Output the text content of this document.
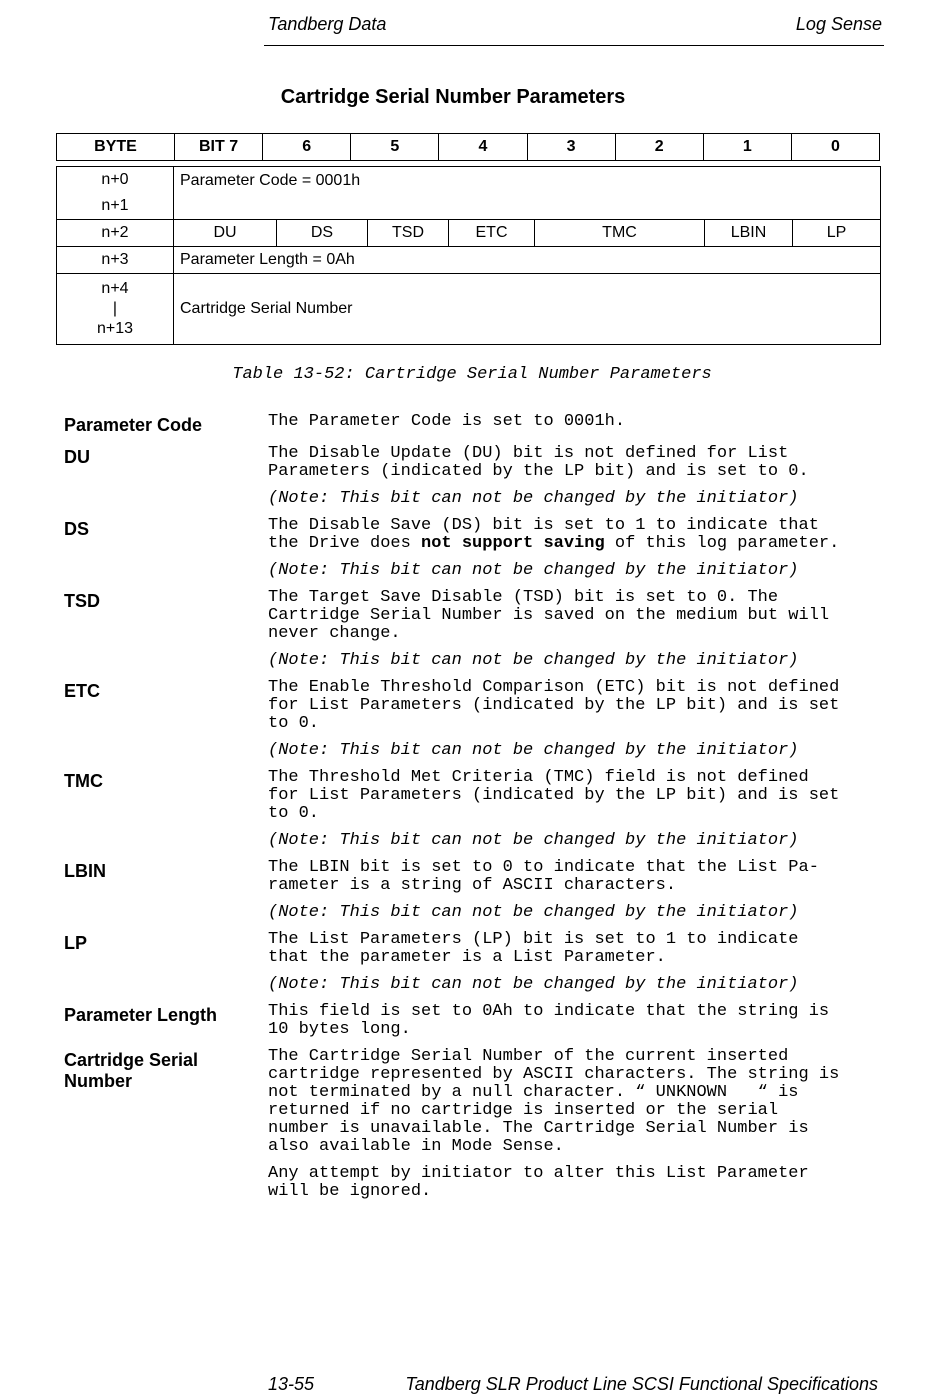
Tandberg Data	Log Sense
Cartridge Serial Number Parameters
BYTE	BIT 7	6	5	4	3	2	1	0
n+0
n+1	Parameter Code = 0001h						
n+2	DU	DS	TSD	ETC	TMC	LBIN	LP
n+3	Parameter Length = 0Ah						

n+4
|
n+13	Cartridge Serial Number						
Table 13-52: Cartridge Serial Number Parameters
Parameter Code	The Parameter Code is set to 0001h.

DU	The Disable Update (DU) bit is not defined for List
Parameters (indicated by the LP bit) and is set to 0.

(Note: This bit can not be changed by the initiator)

DS	The Disable Save (DS) bit is set to 1 to indicate that
the Drive does not support saving of this log parameter.

(Note: This bit can not be changed by the initiator)

TSD	The Target Save Disable (TSD) bit is set to 0. The
Cartridge Serial Number is saved on the medium but will
never change.

(Note: This bit can not be changed by the initiator)

ETC	The Enable Threshold Comparison (ETC) bit is not defined
for List Parameters (indicated by the LP bit) and is set
to 0.

(Note: This bit can not be changed by the initiator)

TMC	The Threshold Met Criteria (TMC) field is not defined
for List Parameters (indicated by the LP bit) and is set
to 0.

(Note: This bit can not be changed by the initiator)

LBIN	The LBIN bit is set to 0 to indicate that the List Pa-
rameter is a string of ASCII characters.

(Note: This bit can not be changed by the initiator)

LP	The List Parameters (LP) bit is set to 1 to indicate
that the parameter is a List Parameter.

(Note: This bit can not be changed by the initiator)

Parameter Length	This field is set to 0Ah to indicate that the string is
10 bytes long.

Cartridge Serial
Number

The Cartridge Serial Number of the current inserted
cartridge represented by ASCII characters. The string is
not terminated by a null character. “ UNKNOWN   “ is
returned if no cartridge is inserted or the serial
number is unavailable. The Cartridge Serial Number is
also available in Mode Sense.

Any attempt by initiator to alter this List Parameter
will be ignored.

13-55	Tandberg SLR Product Line SCSI Functional Specifications
